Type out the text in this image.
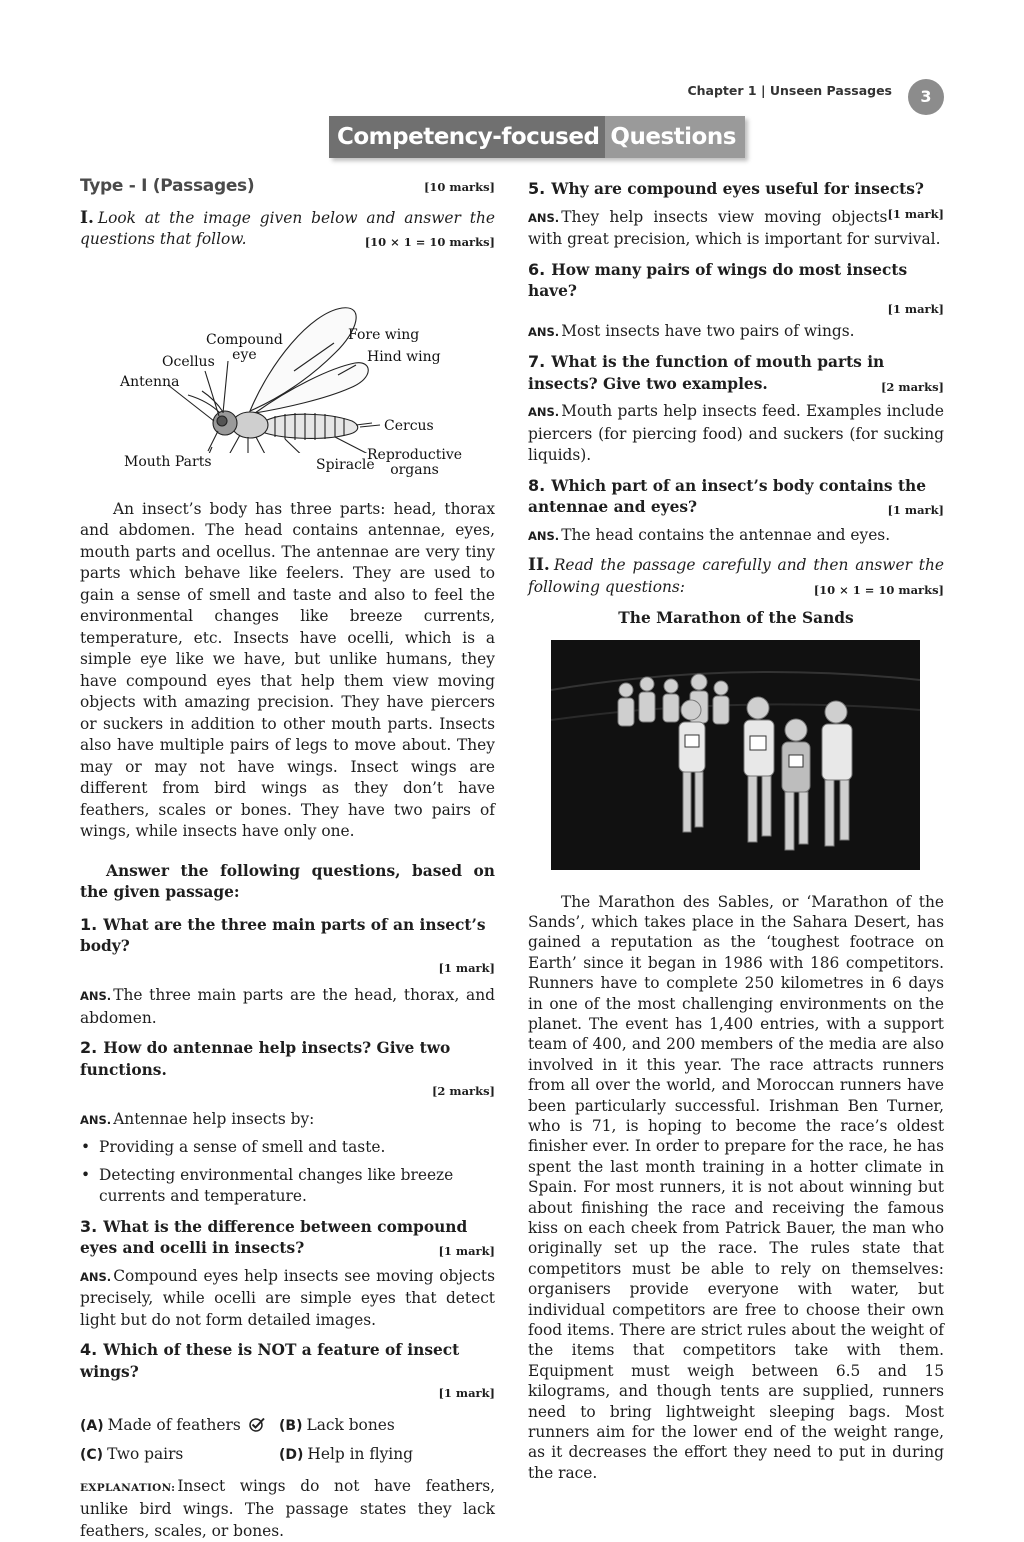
Chapter 1 | Unseen Passages	3
Competency-focused Questions
Type - I (Passages)	[10 marks]
I. Look at the image given below and answer the questions that follow.	[10 × 1 = 10 marks]
Compound
eye
Fore wing
Ocellus	Hind wing
Antenna
Cercus
Mouth Parts	Spiracle
Reproductive
organs

An insect’s body has three parts: head, thorax and abdomen. The head contains antennae, eyes, mouth parts and ocellus. The antennae are very tiny parts which behave like feelers. They are used to gain a sense of smell and taste and also to feel the environmental changes like breeze currents, temperature, etc. Insects have ocelli, which is a simple eye like we have, but unlike humans, they have compound eyes that help them view moving objects with amazing precision. They have piercers or suckers in addition to other mouth parts. Insects also have multiple pairs of legs to move about. They may or may not have wings. Insect wings are different from bird wings as they don’t have feathers, scales or bones. They have two pairs of wings, while insects have only one.

Answer the following questions, based on the given passage:

1. What are the three main parts of an insect’s body?
[1 mark]
ANS. The three main parts are the head, thorax, and abdomen.
2. How do antennae help insects? Give two functions.
[2 marks]
ANS. Antennae help insects by:
• Providing a sense of smell and taste.
• Detecting environmental changes like breeze currents and temperature.
3. What is the difference between compound eyes and ocelli in insects?	[1 mark]
ANS. Compound eyes help insects see moving objects precisely, while ocelli are simple eyes that detect light but do not form detailed images.
4. Which of these is NOT a feature of insect wings?
[1 mark]
(A) Made of feathers	(B) Lack bones
(C) Two pairs	(D) Help in flying
EXPLANATION: Insect wings do not have feathers, unlike bird wings. The passage states they lack feathers, scales, or bones.
5. Why are compound eyes useful for insects?
[1 mark]
ANS. They help insects view moving objects with great precision, which is important for survival.
6. How many pairs of wings do most insects have?
[1 mark]
ANS. Most insects have two pairs of wings.
7. What is the function of mouth parts in insects? Give two examples.	[2 marks]
ANS. Mouth parts help insects feed. Examples include piercers (for piercing food) and suckers (for sucking liquids).
8. Which part of an insect’s body contains the antennae and eyes?	[1 mark]
ANS. The head contains the antennae and eyes.
II. Read the passage carefully and then answer the following questions:	[10 × 1 = 10 marks]
The Marathon of the Sands

The Marathon des Sables, or ‘Marathon of the Sands’, which takes place in the Sahara Desert, has gained a reputation as the ‘toughest footrace on Earth’ since it began in 1986 with 186 competitors. Runners have to complete 250 kilometres in 6 days in one of the most challenging environments on the planet. The event has 1,400 entries, with a support team of 400, and 200 members of the media are also involved in it this year. The race attracts runners from all over the world, and Moroccan runners have been particularly successful. Irishman Ben Turner, who is 71, is hoping to become the race’s oldest finisher ever. In order to prepare for the race, he has spent the last month training in a hotter climate in Spain. For most runners, it is not about winning but about finishing the race and receiving the famous kiss on each cheek from Patrick Bauer, the man who originally set up the race. The rules state that competitors must be able to rely on themselves: organisers provide everyone with water, but individual competitors are free to choose their own food items. There are strict rules about the weight of the items that competitors take with them. Equipment must weigh between 6.5 and 15 kilograms, and though tents are supplied, runners need to bring lightweight sleeping bags. Most runners aim for the lower end of the weight range, as it decreases the effort they need to put in during the race.
